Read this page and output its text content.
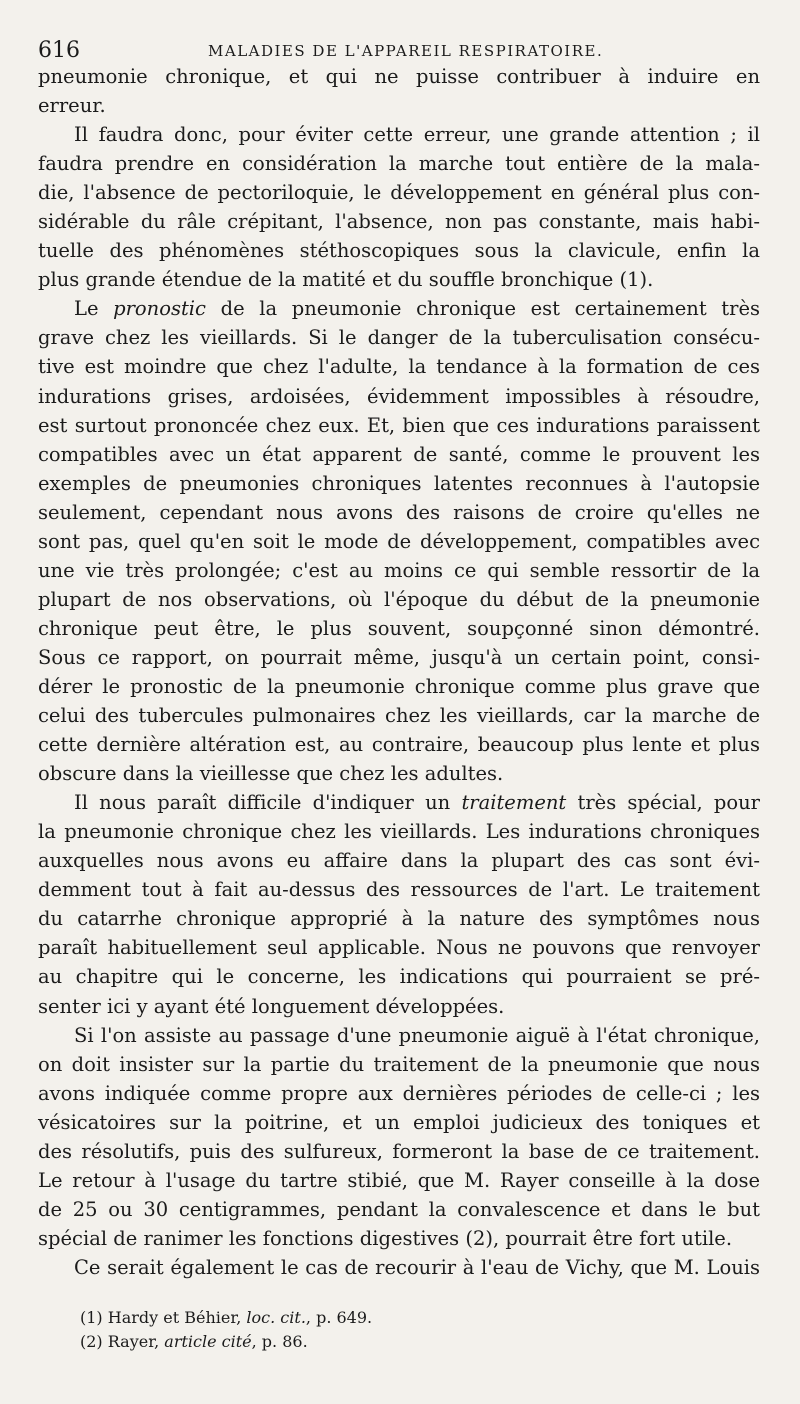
616	MALADIES DE L'APPAREIL RESPIRATOIRE.
pneumonie chronique, et qui ne puisse contribuer à induire en
erreur.
Il faudra donc, pour éviter cette erreur, une grande attention ; il
faudra prendre en considération la marche tout entière de la mala-
die, l'absence de pectoriloquie, le développement en général plus con-
sidérable du râle crépitant, l'absence, non pas constante, mais habi-
tuelle des phénomènes stéthoscopiques sous la clavicule, enfin la
plus grande étendue de la matité et du souffle bronchique (1).
Le pronostic de la pneumonie chronique est certainement très
grave chez les vieillards. Si le danger de la tuberculisation consécu-
tive est moindre que chez l'adulte, la tendance à la formation de ces
indurations grises, ardoisées, évidemment impossibles à résoudre,
est surtout prononcée chez eux. Et, bien que ces indurations paraissent
compatibles avec un état apparent de santé, comme le prouvent les
exemples de pneumonies chroniques latentes reconnues à l'autopsie
seulement, cependant nous avons des raisons de croire qu'elles ne
sont pas, quel qu'en soit le mode de développement, compatibles avec
une vie très prolongée; c'est au moins ce qui semble ressortir de la
plupart de nos observations, où l'époque du début de la pneumonie
chronique peut être, le plus souvent, soupçonné sinon démontré.
Sous ce rapport, on pourrait même, jusqu'à un certain point, consi-
dérer le pronostic de la pneumonie chronique comme plus grave que
celui des tubercules pulmonaires chez les vieillards, car la marche de
cette dernière altération est, au contraire, beaucoup plus lente et plus
obscure dans la vieillesse que chez les adultes.
Il nous paraît difficile d'indiquer un traitement très spécial, pour
la pneumonie chronique chez les vieillards. Les indurations chroniques
auxquelles nous avons eu affaire dans la plupart des cas sont évi-
demment tout à fait au-dessus des ressources de l'art. Le traitement
du catarrhe chronique approprié à la nature des symptômes nous
paraît habituellement seul applicable. Nous ne pouvons que renvoyer
au chapitre qui le concerne, les indications qui pourraient se pré-
senter ici y ayant été longuement développées.
Si l'on assiste au passage d'une pneumonie aiguë à l'état chronique,
on doit insister sur la partie du traitement de la pneumonie que nous
avons indiquée comme propre aux dernières périodes de celle-ci ; les
vésicatoires sur la poitrine, et un emploi judicieux des toniques et
des résolutifs, puis des sulfureux, formeront la base de ce traitement.
Le retour à l'usage du tartre stibié, que M. Rayer conseille à la dose
de 25 ou 30 centigrammes, pendant la convalescence et dans le but
spécial de ranimer les fonctions digestives (2), pourrait être fort utile.
Ce serait également le cas de recourir à l'eau de Vichy, que M. Louis
(1) Hardy et Béhier, loc. cit., p. 649.
(2) Rayer, article cité, p. 86.
